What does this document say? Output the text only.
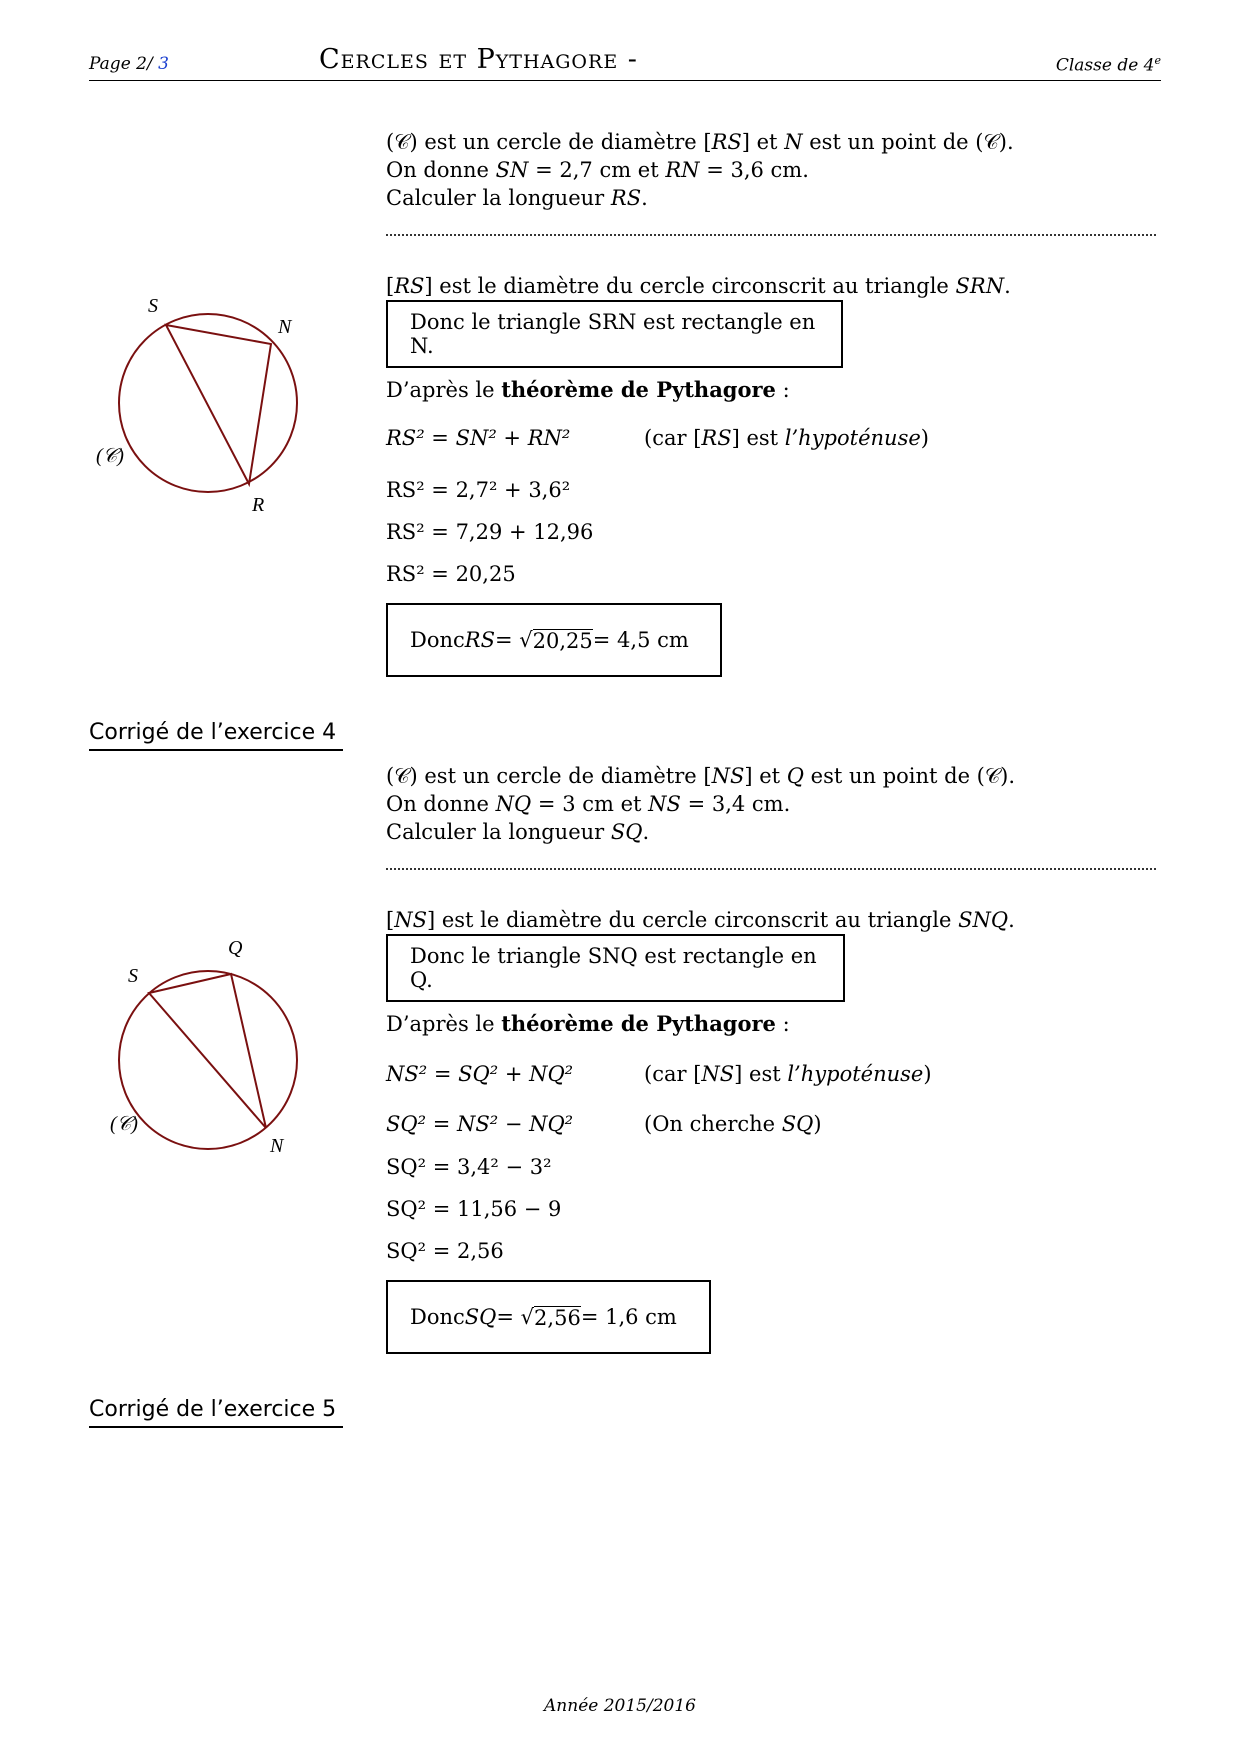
Page 2/ 3	Cercles et Pythagore -	Classe de 4e
(𝒞) est un cercle de diamètre [RS] et N est un point de (𝒞).
On donne SN = 2,7 cm et RN = 3,6 cm.
Calculer la longueur RS.
[RS] est le diamètre du cercle circonscrit au triangle SRN.
Donc le triangle SRN est rectangle en N.
D’après le théorème de Pythagore :
RS² = SN² + RN²	(car [RS] est l’hypoténuse)
RS² = 2,7² + 3,6²
RS² = 7,29 + 12,96
RS² = 20,25
Donc RS = √ 20,25 = 4,5 cm
S
N
R
(𝒞)
Corrigé de l’exercice 4
(𝒞) est un cercle de diamètre [NS] et Q est un point de (𝒞).
On donne NQ = 3 cm et NS = 3,4 cm.
Calculer la longueur SQ.
[NS] est le diamètre du cercle circonscrit au triangle SNQ.
Donc le triangle SNQ est rectangle en Q.
D’après le théorème de Pythagore :
NS² = SQ² + NQ²	(car [NS] est l’hypoténuse)
SQ² = NS² − NQ²	(On cherche SQ)
SQ² = 3,4² − 3²
SQ² = 11,56 − 9
SQ² = 2,56
Donc SQ = √ 2,56 = 1,6 cm
S
Q
N
(𝒞)
Corrigé de l’exercice 5
Année 2015/2016
